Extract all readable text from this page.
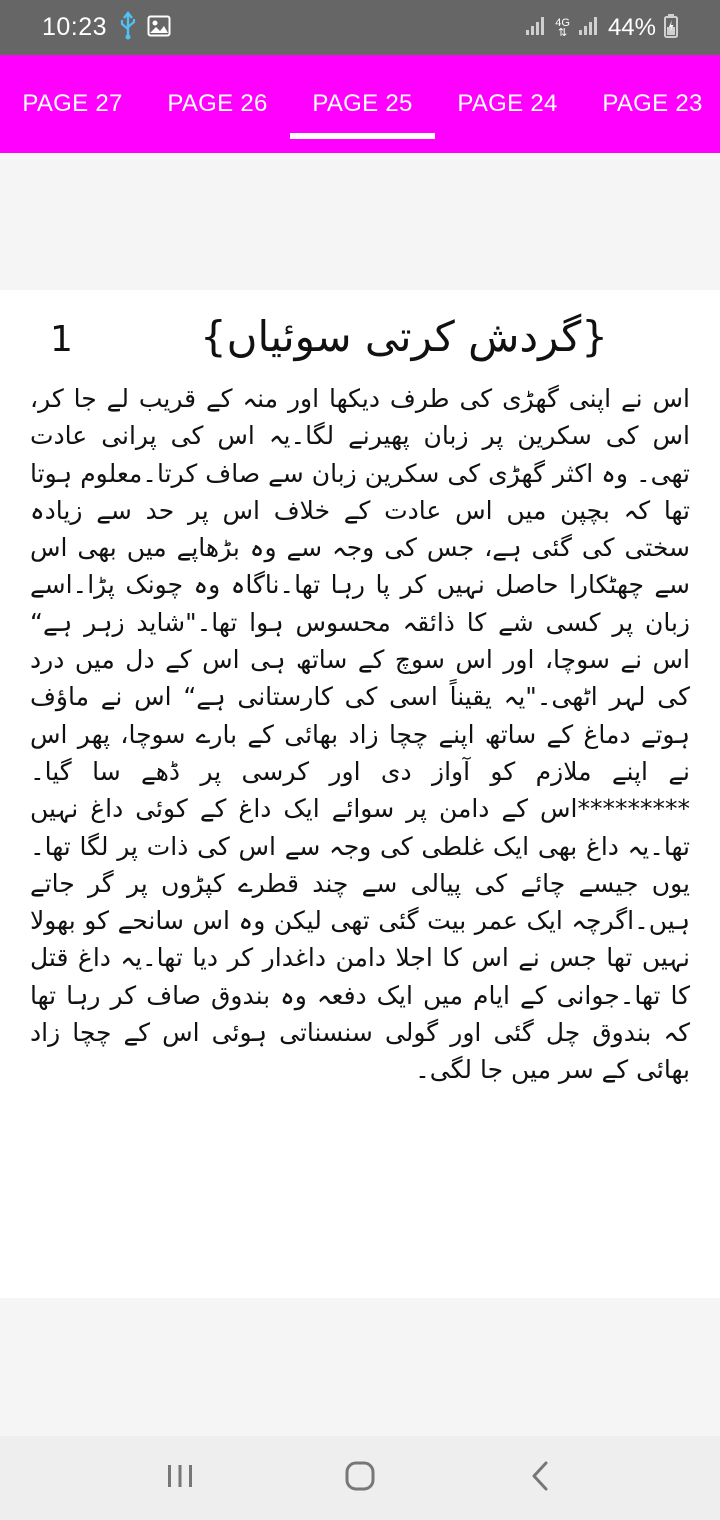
10:23	4G
⇅ 44%
PAGE 27 PAGE 26 PAGE 25 PAGE 24 PAGE 23
1	{گردش کرتی سوئیاں}

اس نے اپنی گھڑی کی طرف دیکھا اور منہ کے قریب لے جا کر، اس کی سکرین پر زبان پھیرنے لگا۔یہ اس کی پرانی عادت تھی۔ وہ اکثر گھڑی کی سکرین زبان سے صاف کرتا۔معلوم ہوتا تھا کہ بچپن میں اس عادت کے خلاف اس پر حد سے زیادہ سختی کی گئی ہے، جس کی وجہ سے وہ بڑھاپے میں بھی اس سے چھٹکارا حاصل نہیں کر پا رہا تھا۔ناگاہ وہ چونک پڑا۔اسے زبان پر کسی شے کا ذائقہ محسوس ہوا تھا۔"شاید زہر ہے“ اس نے سوچا، اور اس سوچ کے ساتھ ہی اس کے دل میں درد کی لہر اٹھی۔"یہ یقیناً اسی کی کارستانی ہے“ اس نے ماؤف ہوتے دماغ کے ساتھ اپنے چچا زاد بھائی کے بارے سوچا، پھر اس نے اپنے ملازم کو آواز دی اور کرسی پر ڈھے سا گیا۔*********اس کے دامن پر سوائے ایک داغ کے کوئی داغ نہیں تھا۔یہ داغ بھی ایک غلطی کی وجہ سے اس کی ذات پر لگا تھا۔یوں جیسے چائے کی پیالی سے چند قطرے کپڑوں پر گر جاتے ہیں۔اگرچہ ایک عمر بیت گئی تھی لیکن وہ اس سانحے کو بھولا نہیں تھا جس نے اس کا اجلا دامن داغدار کر دیا تھا۔یہ داغ قتل کا تھا۔جوانی کے ایام میں ایک دفعہ وہ بندوق صاف کر رہا تھا کہ بندوق چل گئی اور گولی سنسناتی ہوئی اس کے چچا زاد بھائی کے سر میں جا لگی۔
